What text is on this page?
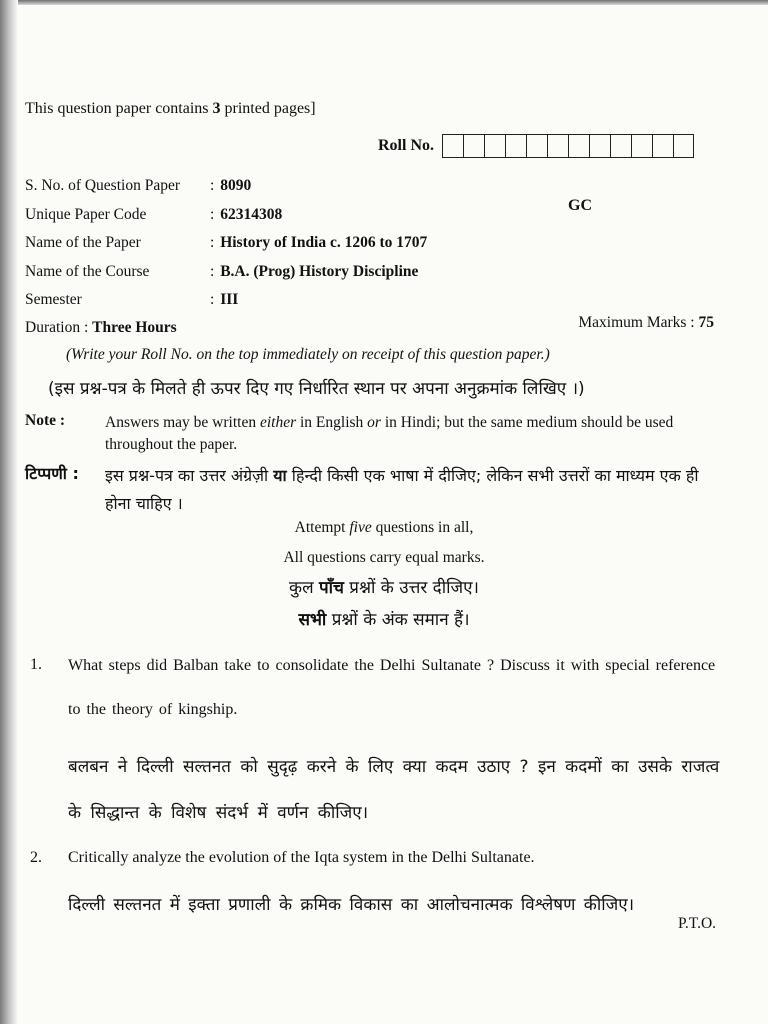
This question paper contains 3 printed pages]
Roll No.
S. No. of Question Paper	: 8090
Unique Paper Code	: 62314308
Name of the Paper	: History of India c. 1206 to 1707
Name of the Course	: B.A. (Prog) History Discipline
Semester	: III
GC
Duration : Three Hours	Maximum Marks : 75
(Write your Roll No. on the top immediately on receipt of this question paper.)
(इस प्रश्न-पत्र के मिलते ही ऊपर दिए गए निर्धारित स्थान पर अपना अनुक्रमांक लिखिए ।)
Note :	Answers may be written either in English or in Hindi; but the same medium should be used throughout the paper.
टिप्पणी : इस प्रश्न-पत्र का उत्तर अंग्रेज़ी या हिन्दी किसी एक भाषा में दीजिए; लेकिन सभी उत्तरों का माध्यम एक ही होना चाहिए ।
Attempt five questions in all,
All questions carry equal marks.
कुल पाँच प्रश्नों के उत्तर दीजिए।
सभी प्रश्नों के अंक समान हैं।
1. What steps did Balban take to consolidate the Delhi Sultanate ? Discuss it with special reference to the theory of kingship.
बलबन ने दिल्ली सल्तनत को सुदृढ़ करने के लिए क्या कदम उठाए ? इन कदमों का उसके राजत्व के सिद्धान्त के विशेष संदर्भ में वर्णन कीजिए।
2. Critically analyze the evolution of the Iqta system in the Delhi Sultanate.
दिल्ली सल्तनत में इक्ता प्रणाली के क्रमिक विकास का आलोचनात्मक विश्लेषण कीजिए।
P.T.O.
